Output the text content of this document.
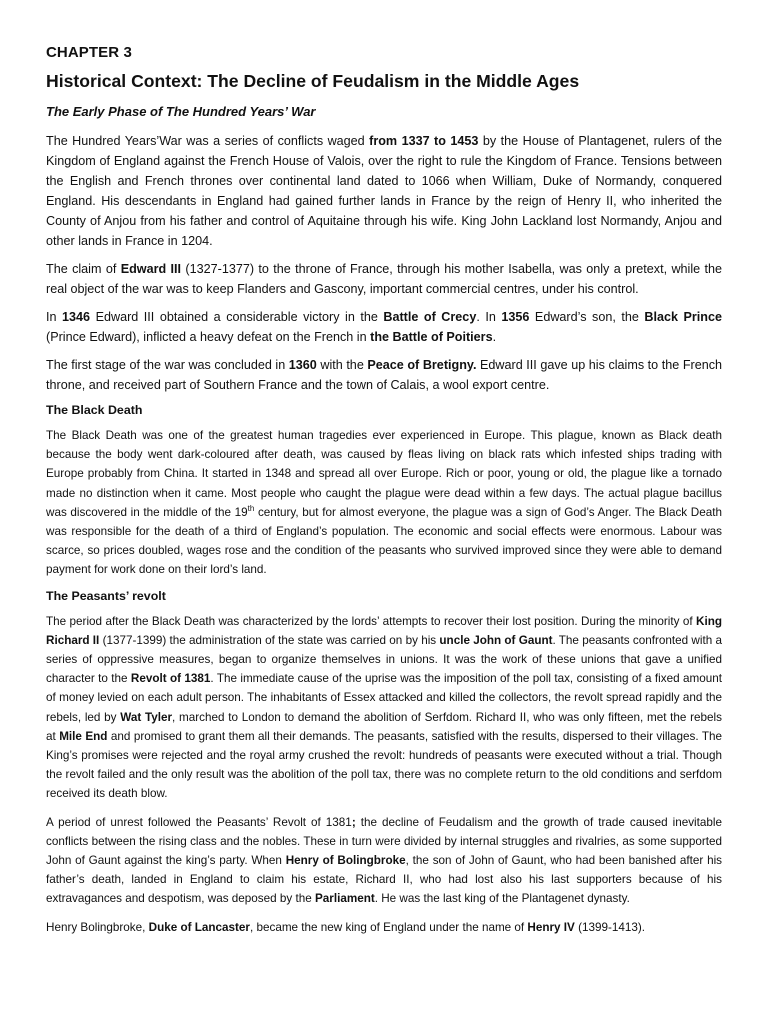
CHAPTER 3
Historical Context: The Decline of Feudalism in the Middle Ages
The Early Phase of The Hundred Years’ War

The Hundred Years’War was a series of conflicts waged from 1337 to 1453 by the House of Plantagenet, rulers of the Kingdom of England against the French House of Valois, over the right to rule the Kingdom of France. Tensions between the English and French thrones over continental land dated to 1066 when William, Duke of Normandy, conquered England. His descendants in England had gained further lands in France by the reign of Henry II, who inherited the County of Anjou from his father and control of Aquitaine through his wife. King John Lackland lost Normandy, Anjou and other lands in France in 1204.

The claim of Edward III (1327-1377) to the throne of France, through his mother Isabella, was only a pretext, while the real object of the war was to keep Flanders and Gascony, important commercial centres, under his control.

In 1346 Edward III obtained a considerable victory in the Battle of Crecy. In 1356 Edward’s son, the Black Prince (Prince Edward), inflicted a heavy defeat on the French in the Battle of Poitiers.

The first stage of the war was concluded in 1360 with the Peace of Bretigny. Edward III gave up his claims to the French throne, and received part of Southern France and the town of Calais, a wool export centre.

The Black Death

The Black Death was one of the greatest human tragedies ever experienced in Europe. This plague, known as Black death because the body went dark-coloured after death, was caused by fleas living on black rats which infested ships trading with Europe probably from China. It started in 1348 and spread all over Europe. Rich or poor, young or old, the plague like a tornado made no distinction when it came. Most people who caught the plague were dead within a few days. The actual plague bacillus was discovered in the middle of the 19th century, but for almost everyone, the plague was a sign of God’s Anger. The Black Death was responsible for the death of a third of England’s population. The economic and social effects were enormous. Labour was scarce, so prices doubled, wages rose and the condition of the peasants who survived improved since they were able to demand payment for work done on their lord’s land.

The Peasants’ revolt

The period after the Black Death was characterized by the lords’ attempts to recover their lost position. During the minority of King Richard II (1377-1399) the administration of the state was carried on by his uncle John of Gaunt. The peasants confronted with a series of oppressive measures, began to organize themselves in unions. It was the work of these unions that gave a unified character to the Revolt of 1381. The immediate cause of the uprise was the imposition of the poll tax, consisting of a fixed amount of money levied on each adult person. The inhabitants of Essex attacked and killed the collectors, the revolt spread rapidly and the rebels, led by Wat Tyler, marched to London to demand the abolition of Serfdom. Richard II, who was only fifteen, met the rebels at Mile End and promised to grant them all their demands. The peasants, satisfied with the results, dispersed to their villages. The King’s promises were rejected and the royal army crushed the revolt: hundreds of peasants were executed without a trial. Though the revolt failed and the only result was the abolition of the poll tax, there was no complete return to the old conditions and serfdom received its death blow.

A period of unrest followed the Peasants’ Revolt of 1381; the decline of Feudalism and the growth of trade caused inevitable conflicts between the rising class and the nobles. These in turn were divided by internal struggles and rivalries, as some supported John of Gaunt against the king’s party. When Henry of Bolingbroke, the son of John of Gaunt, who had been banished after his father’s death, landed in England to claim his estate, Richard II, who had lost also his last supporters because of his extravagances and despotism, was deposed by the Parliament. He was the last king of the Plantagenet dynasty.

Henry Bolingbroke, Duke of Lancaster, became the new king of England under the name of Henry IV (1399-1413).
